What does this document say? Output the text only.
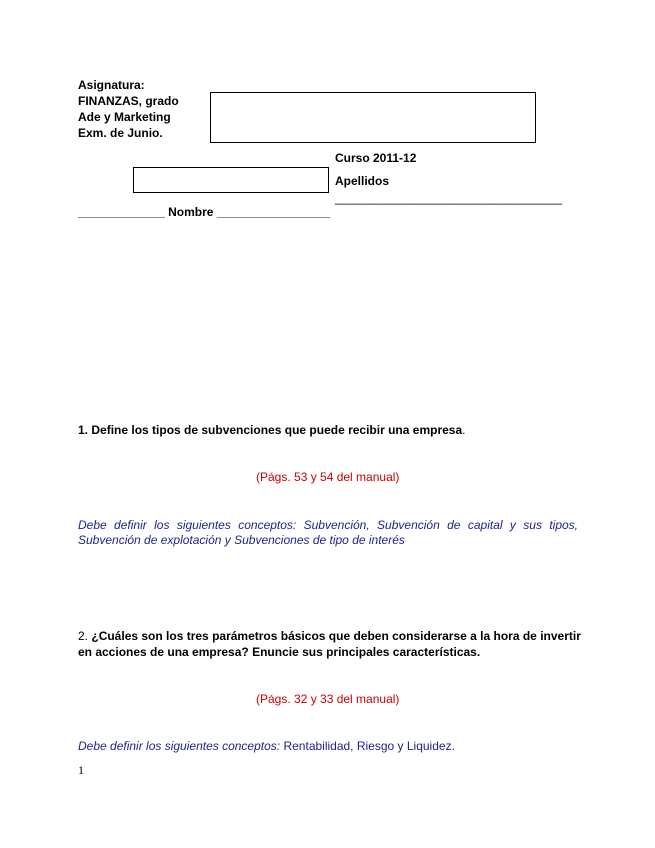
Asignatura:
FINANZAS, grado
Ade y Marketing
Exm. de Junio.
Curso 2011-12
Apellidos
__________________________________
_____________ Nombre _________________
1. Define los tipos de subvenciones que puede recibir una empresa.
(Págs. 53 y 54 del manual)
Debe definir los siguientes conceptos: Subvención, Subvención de capital y sus tipos, Subvención de explotación y Subvenciones de tipo de interés
2. ¿Cuáles son los tres parámetros básicos que deben considerarse a la hora de invertir
en acciones de una empresa? Enuncie sus principales características.
(Págs. 32 y 33 del manual)
Debe definir los siguientes conceptos: Rentabilidad, Riesgo y Liquidez.
1
